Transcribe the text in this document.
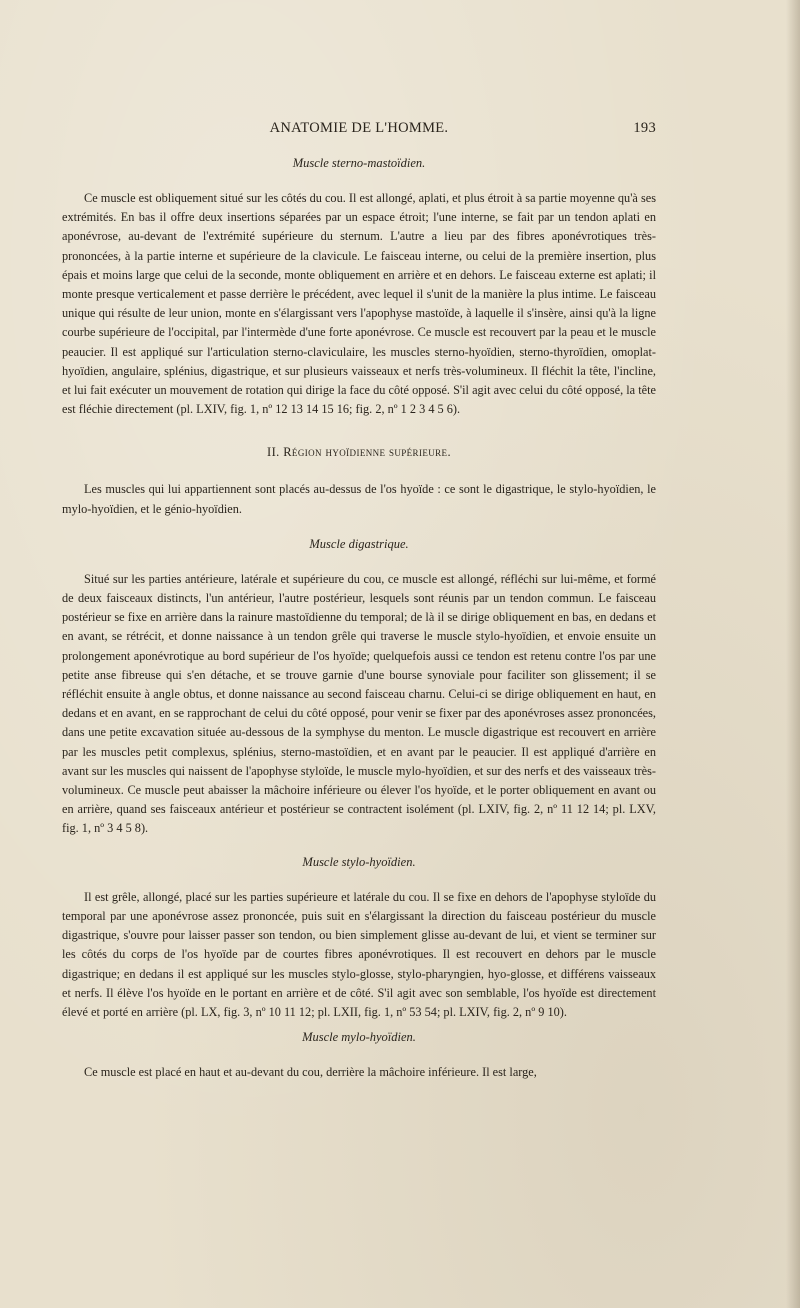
ANATOMIE DE L'HOMME.	193
Muscle sterno-mastoïdien.

Ce muscle est obliquement situé sur les côtés du cou. Il est allongé, aplati, et plus étroit à sa partie moyenne qu'à ses extrémités. En bas il offre deux insertions séparées par un espace étroit; l'une interne, se fait par un tendon aplati en aponévrose, au-devant de l'extrémité supérieure du sternum. L'autre a lieu par des fibres aponévrotiques très-prononcées, à la partie interne et supérieure de la clavicule. Le faisceau interne, ou celui de la première insertion, plus épais et moins large que celui de la seconde, monte obliquement en arrière et en dehors. Le faisceau externe est aplati; il monte presque verticalement et passe derrière le précédent, avec lequel il s'unit de la manière la plus intime. Le faisceau unique qui résulte de leur union, monte en s'élargissant vers l'apophyse mastoïde, à laquelle il s'insère, ainsi qu'à la ligne courbe supérieure de l'occipital, par l'intermède d'une forte aponévrose. Ce muscle est recouvert par la peau et le muscle peaucier. Il est appliqué sur l'articulation sterno-claviculaire, les muscles sterno-hyoïdien, sterno-thyroïdien, omoplat-hyoïdien, angulaire, splénius, digastrique, et sur plusieurs vaisseaux et nerfs très-volumineux. Il fléchit la tête, l'incline, et lui fait exécuter un mouvement de rotation qui dirige la face du côté opposé. S'il agit avec celui du côté opposé, la tête est fléchie directement (pl. LXIV, fig. 1, nº 12 13 14 15 16; fig. 2, nº 1 2 3 4 5 6).

II. Région hyoïdienne supérieure.

Les muscles qui lui appartiennent sont placés au-dessus de l'os hyoïde : ce sont le digastrique, le stylo-hyoïdien, le mylo-hyoïdien, et le génio-hyoïdien.

Muscle digastrique.

Situé sur les parties antérieure, latérale et supérieure du cou, ce muscle est allongé, réfléchi sur lui-même, et formé de deux faisceaux distincts, l'un antérieur, l'autre postérieur, lesquels sont réunis par un tendon commun. Le faisceau postérieur se fixe en arrière dans la rainure mastoïdienne du temporal; de là il se dirige obliquement en bas, en dedans et en avant, se rétrécit, et donne naissance à un tendon grêle qui traverse le muscle stylo-hyoïdien, et envoie ensuite un prolongement aponévrotique au bord supérieur de l'os hyoïde; quelquefois aussi ce tendon est retenu contre l'os par une petite anse fibreuse qui s'en détache, et se trouve garnie d'une bourse synoviale pour faciliter son glissement; il se réfléchit ensuite à angle obtus, et donne naissance au second faisceau charnu. Celui-ci se dirige obliquement en haut, en dedans et en avant, en se rapprochant de celui du côté opposé, pour venir se fixer par des aponévroses assez prononcées, dans une petite excavation située au-dessous de la symphyse du menton. Le muscle digastrique est recouvert en arrière par les muscles petit complexus, splénius, sterno-mastoïdien, et en avant par le peaucier. Il est appliqué d'arrière en avant sur les muscles qui naissent de l'apophyse styloïde, le muscle mylo-hyoïdien, et sur des nerfs et des vaisseaux très-volumineux. Ce muscle peut abaisser la mâchoire inférieure ou élever l'os hyoïde, et le porter obliquement en avant ou en arrière, quand ses faisceaux antérieur et postérieur se contractent isolément (pl. LXIV, fig. 2, nº 11 12 14; pl. LXV, fig. 1, nº 3 4 5 8).

Muscle stylo-hyoïdien.

Il est grêle, allongé, placé sur les parties supérieure et latérale du cou. Il se fixe en dehors de l'apophyse styloïde du temporal par une aponévrose assez prononcée, puis suit en s'élargissant la direction du faisceau postérieur du muscle digastrique, s'ouvre pour laisser passer son tendon, ou bien simplement glisse au-devant de lui, et vient se terminer sur les côtés du corps de l'os hyoïde par de courtes fibres aponévrotiques. Il est recouvert en dehors par le muscle digastrique; en dedans il est appliqué sur les muscles stylo-glosse, stylo-pharyngien, hyo-glosse, et différens vaisseaux et nerfs. Il élève l'os hyoïde en le portant en arrière et de côté. S'il agit avec son semblable, l'os hyoïde est directement élevé et porté en arrière (pl. LX, fig. 3, nº 10 11 12; pl. LXII, fig. 1, nº 53 54; pl. LXIV, fig. 2, nº 9 10).

Muscle mylo-hyoïdien.

Ce muscle est placé en haut et au-devant du cou, derrière la mâchoire inférieure. Il est large,
